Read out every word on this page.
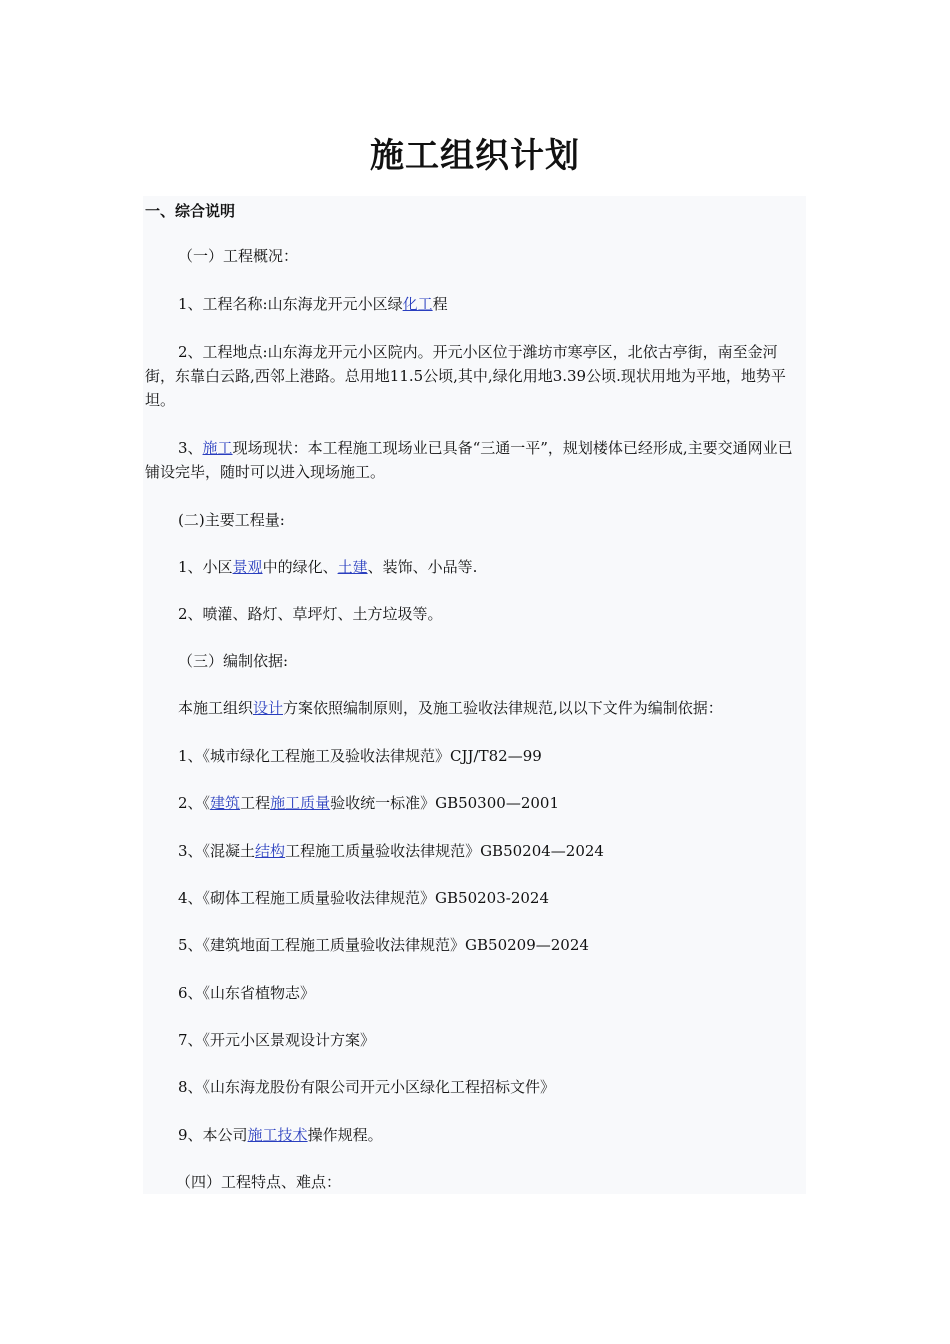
施工组织计划
一、综合说明

（一）工程概况：

1、工程名称:山东海龙开元小区绿化工程

2、工程地点:山东海龙开元小区院内。开元小区位于潍坊市寒亭区，北依古亭街，南至金河街，东靠白云路,西邻上港路。总用地11.5公顷,其中,绿化用地3.39公顷.现状用地为平地，地势平坦。

3、施工现场现状：本工程施工现场业已具备“三通一平”，规划楼体已经形成,主要交通网业已铺设完毕，随时可以进入现场施工。

(二)主要工程量:

1、小区景观中的绿化、土建、装饰、小品等.

2、喷灌、路灯、草坪灯、土方垃圾等。

（三）编制依据:

本施工组织设计方案依照编制原则，及施工验收法律规范,以以下文件为编制依据：

1、《城市绿化工程施工及验收法律规范》CJJ/T82—99

2、《建筑工程施工质量验收统一标准》GB50300—2001

3、《混凝土结构工程施工质量验收法律规范》GB50204—2024

4、《砌体工程施工质量验收法律规范》GB50203-2024

5、《建筑地面工程施工质量验收法律规范》GB50209—2024

6、《山东省植物志》

7、《开元小区景观设计方案》

8、《山东海龙股份有限公司开元小区绿化工程招标文件》

9、本公司施工技术操作规程。

（四）工程特点、难点：
